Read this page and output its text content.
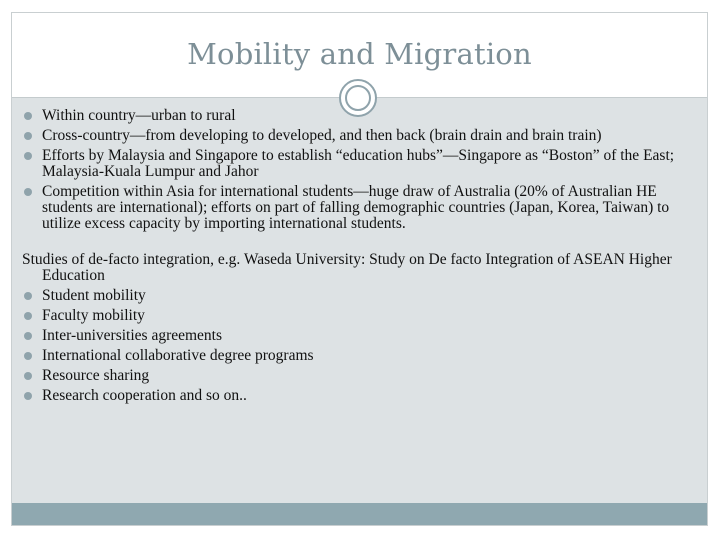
Mobility and Migration
Within country—urban to rural
Cross-country—from developing to developed, and then back (brain drain and brain train)
Efforts by Malaysia and Singapore to establish “education hubs”—Singapore as “Boston” of the East; Malaysia-Kuala Lumpur and Jahor
Competition within Asia for international students—huge draw of Australia (20% of Australian HE students are international); efforts on part of falling demographic countries (Japan, Korea, Taiwan) to utilize excess capacity by importing international students.
Studies of de-facto integration, e.g. Waseda University: Study on De facto Integration of ASEAN Higher Education
Student mobility
Faculty mobility
Inter-universities agreements
International collaborative degree programs
Resource sharing
Research cooperation and so on..
